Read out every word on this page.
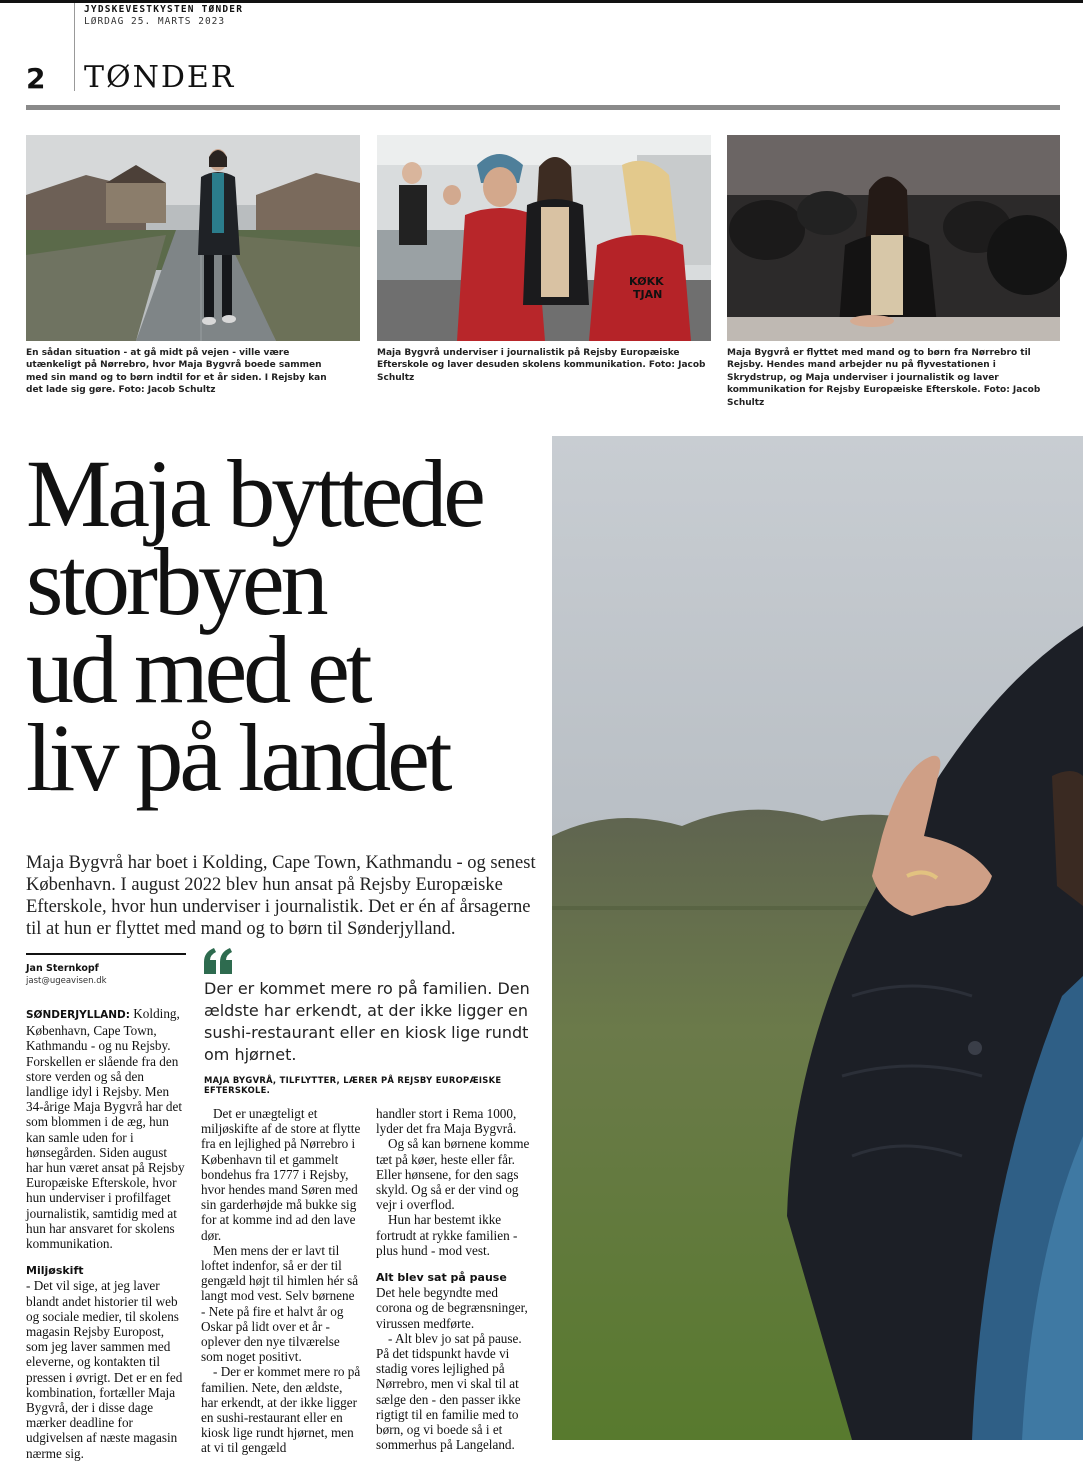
JYDSKEVESTKYSTEN TØNDER
LØRDAG 25. MARTS 2023
2 TØNDER
En sådan situation - at gå midt på vejen - ville være utænkeligt på Nørrebro, hvor Maja Bygvrå boede sammen med sin mand og to børn indtil for et år siden. I Rejsby kan det lade sig gøre. Foto: Jacob Schultz
KØKK
TJAN
Maja Bygvrå underviser i journalistik på Rejsby Europæiske Efterskole og laver desuden skolens kommunikation. Foto: Jacob Schultz
Maja Bygvrå er flyttet med mand og to børn fra Nørrebro til Rejsby. Hendes mand arbejder nu på flyvestationen i Skrydstrup, og Maja underviser i journalistik og laver kommunikation for Rejsby Europæiske Efterskole. Foto: Jacob Schultz
Maja byttede
storbyen
ud med et
liv på landet
Maja Bygvrå har boet i Kolding, Cape Town, Kathmandu - og senest København. I august 2022 blev hun ansat på Rejsby Europæiske Efterskole, hvor hun underviser i journalistik. Det er én af årsagerne til at hun er flyttet med mand og to børn til Sønderjylland.
Jan Sternkopf
jast@ugeavisen.dk	Der er kommet mere ro på familien. Den ældste har erkendt, at der ikke ligger en sushi-restaurant eller en kiosk lige rundt om hjørnet.
MAJA BYGVRÅ, TILFLYTTER, LÆRER PÅ REJSBY EUROPÆISKE EFTERSKOLE.

SØNDERJYLLAND: Kolding, København, Cape Town, Kathmandu - og nu Rejsby. Forskellen er slående fra den store verden og så den landlige idyl i Rejsby. Men 34-årige Maja Bygvrå har det som blommen i de æg, hun kan samle uden for i hønsegården. Siden august har hun været ansat på Rejsby Europæiske Efterskole, hvor hun underviser i profilfaget journalistik, samtidig med at hun har ansvaret for skolens kommunikation.

Miljøskift

- Det vil sige, at jeg laver blandt andet historier til web og sociale medier, til skolens magasin Rejsby Europost, som jeg laver sammen med eleverne, og kontakten til pressen i øvrigt. Det er en fed kombination, fortæller Maja Bygvrå, der i disse dage mærker deadline for udgivelsen af næste magasin nærme sig.

Det er unægteligt et miljøskifte af de store at flytte fra en lejlighed på Nørrebro i København til et gammelt bondehus fra 1777 i Rejsby, hvor hendes mand Søren med sin garderhøjde må bukke sig for at komme ind ad den lave dør.

Men mens der er lavt til loftet indenfor, så er der til gengæld højt til himlen hér så langt mod vest. Selv børnene - Nete på fire et halvt år og Oskar på lidt over et år - oplever den nye tilværelse som noget positivt.

- Der er kommet mere ro på familien. Nete, den ældste, har erkendt, at der ikke ligger en sushi-restaurant eller en kiosk lige rundt hjørnet, men at vi til gengæld

handler stort i Rema 1000, lyder det fra Maja Bygvrå.

Og så kan børnene komme tæt på køer, heste eller får. Eller hønsene, for den sags skyld. Og så er der vind og vejr i overflod.

Hun har bestemt ikke fortrudt at rykke familien - plus hund - mod vest.

Alt blev sat på pause

Det hele begyndte med corona og de begrænsninger, virussen medførte.

- Alt blev jo sat på pause. På det tidspunkt havde vi stadig vores lejlighed på Nørrebro, men vi skal til at sælge den - den passer ikke rigtigt til en familie med to børn, og vi boede så i et sommerhus på Langeland.
